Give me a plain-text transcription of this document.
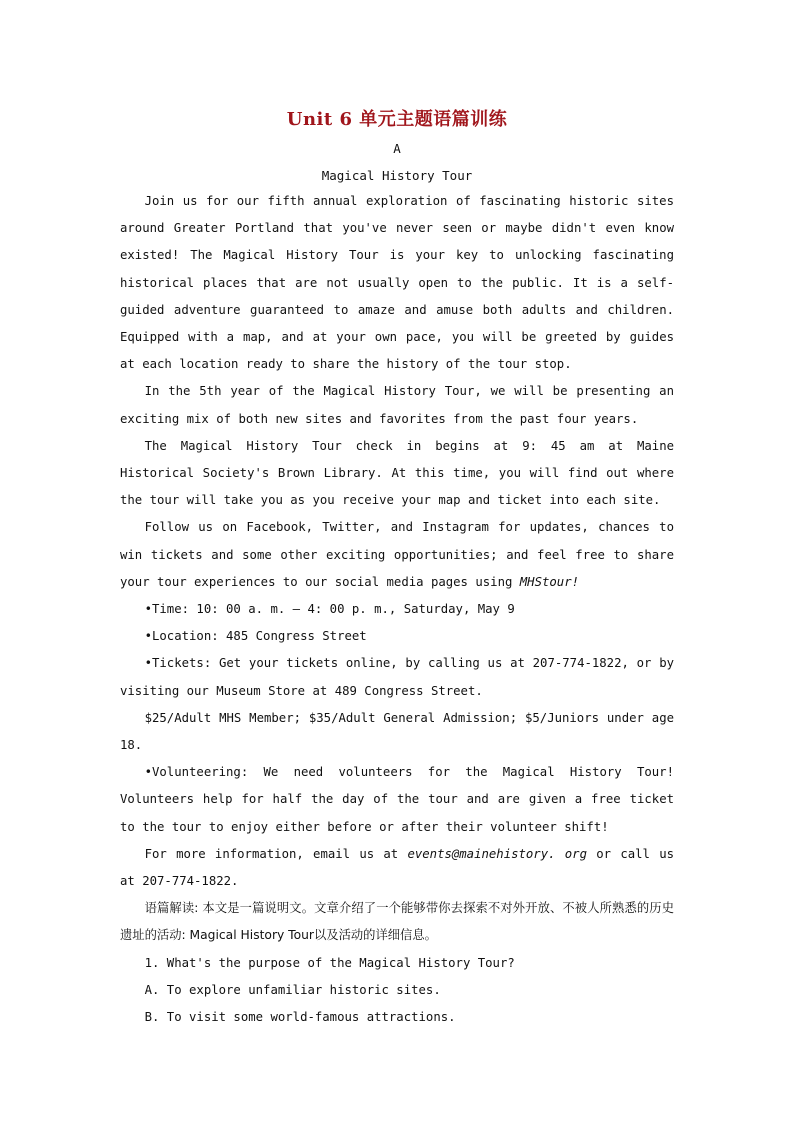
Unit 6 单元主题语篇训练
A
Magical History Tour

Join us for our fifth annual exploration of fascinating historic sites around Greater Portland that you've never seen or maybe didn't even know existed! The Magical History Tour is your key to unlocking fascinating historical places that are not usually open to the public. It is a self-guided adventure guaranteed to amaze and amuse both adults and children. Equipped with a map, and at your own pace, you will be greeted by guides at each location ready to share the history of the tour stop.

In the 5th year of the Magical History Tour, we will be presenting an exciting mix of both new sites and favorites from the past four years.

The Magical History Tour check in begins at 9: 45 am at Maine Historical Society's Brown Library. At this time, you will find out where the tour will take you as you receive your map and ticket into each site.

Follow us on Facebook, Twitter, and Instagram for updates, chances to win tickets and some other exciting opportunities; and feel free to share your tour experiences to our social media pages using MHStour!

•Time: 10: 00 a. m. — 4: 00 p. m., Saturday, May 9

•Location: 485 Congress Street

•Tickets: Get your tickets online, by calling us at 207-774-1822, or by visiting our Museum Store at 489 Congress Street.

$25/Adult MHS Member; $35/Adult General Admission; $5/Juniors under age 18.

•Volunteering: We need volunteers for the Magical History Tour! Volunteers help for half the day of the tour and are given a free ticket to the tour to enjoy either before or after their volunteer shift!

For more information, email us at events@mainehistory. org or call us at 207-774-1822.

语篇解读: 本文是一篇说明文。文章介绍了一个能够带你去探索不对外开放、不被人所熟悉的历史遗址的活动: Magical History Tour以及活动的详细信息。

1. What's the purpose of the Magical History Tour?

A. To explore unfamiliar historic sites.

B. To visit some world-famous attractions.
